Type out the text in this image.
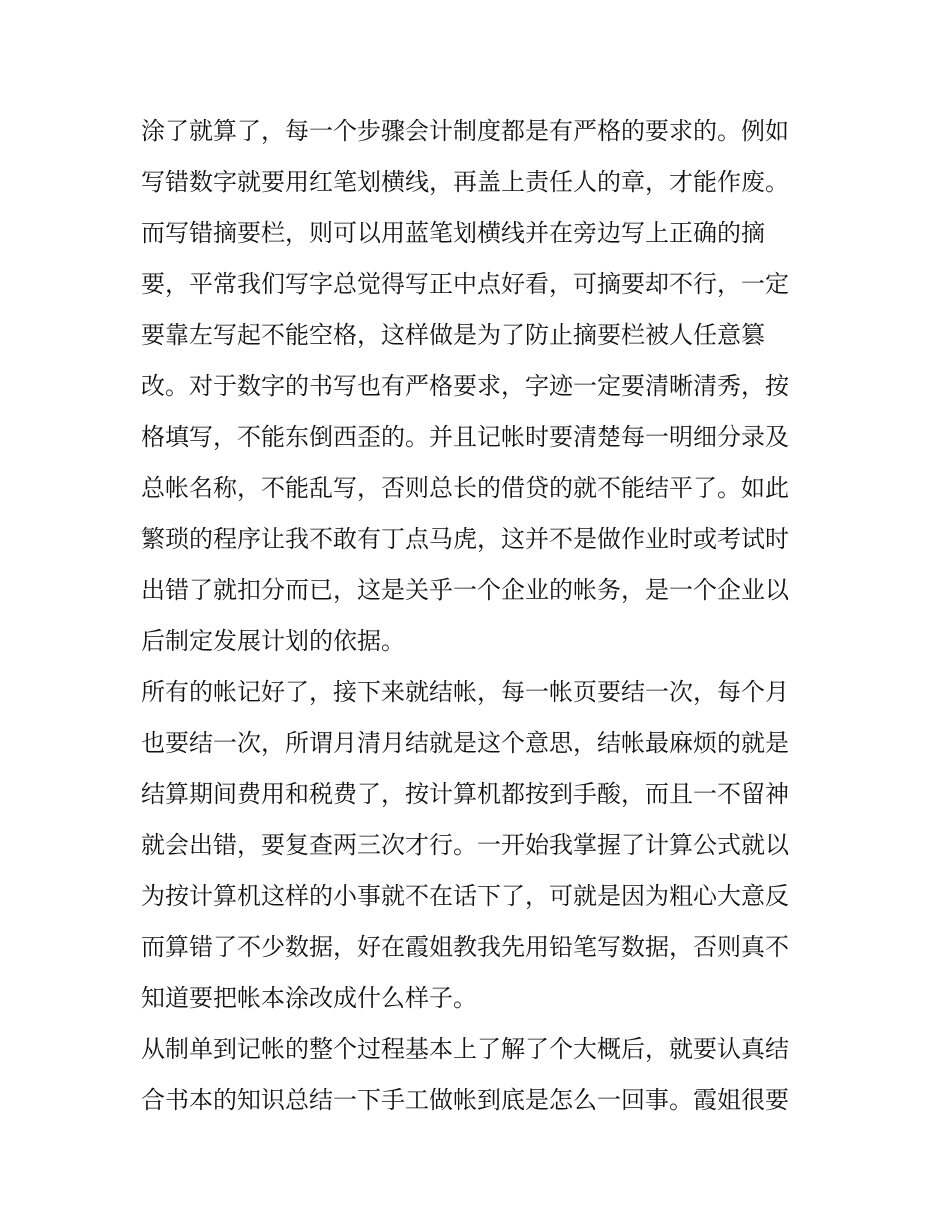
涂了就算了，每一个步骤会计制度都是有严格的要求的。例如
写错数字就要用红笔划横线，再盖上责任人的章，才能作废。
而写错摘要栏，则可以用蓝笔划横线并在旁边写上正确的摘
要，平常我们写字总觉得写正中点好看，可摘要却不行，一定
要靠左写起不能空格，这样做是为了防止摘要栏被人任意篡
改。对于数字的书写也有严格要求，字迹一定要清晰清秀，按
格填写，不能东倒西歪的。并且记帐时要清楚每一明细分录及
总帐名称，不能乱写，否则总长的借贷的就不能结平了。如此
繁琐的程序让我不敢有丁点马虎，这并不是做作业时或考试时
出错了就扣分而已，这是关乎一个企业的帐务，是一个企业以
后制定发展计划的依据。
所有的帐记好了，接下来就结帐，每一帐页要结一次，每个月
也要结一次，所谓月清月结就是这个意思，结帐最麻烦的就是
结算期间费用和税费了，按计算机都按到手酸，而且一不留神
就会出错，要复查两三次才行。一开始我掌握了计算公式就以
为按计算机这样的小事就不在话下了，可就是因为粗心大意反
而算错了不少数据，好在霞姐教我先用铅笔写数据，否则真不
知道要把帐本涂改成什么样子。
从制单到记帐的整个过程基本上了解了个大概后，就要认真结
合书本的知识总结一下手工做帐到底是怎么一回事。霞姐很要
